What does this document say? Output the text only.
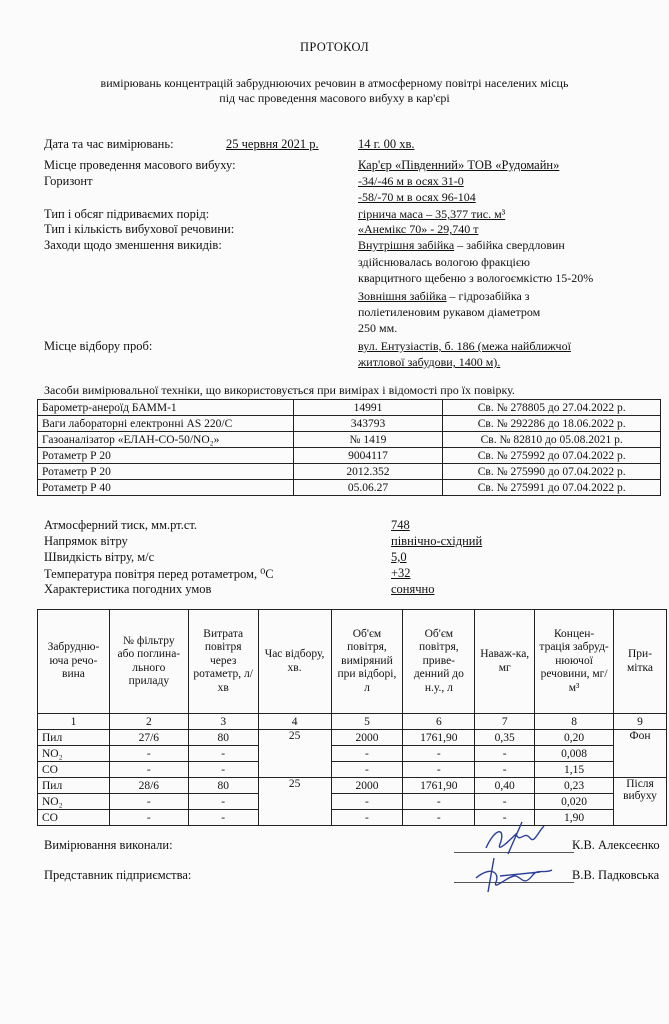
ПРОТОКОЛ
вимірювань концентрацій забруднюючих речовин в атмосферному повітрі населених місць
під час проведення масового вибуху в кар'єрі
Дата та час вимірювань:	25 червня 2021 р.	14 г. 00 хв.
Місце проведення масового вибуху:	Кар'єр «Південний» ТОВ «Рудомайн»
Горизонт	-34/-46 м в осях 31-0
-58/-70 м в осях 96-104
Тип і обсяг підриваємих порід:	гірнича маса – 35,377 тис. м³
Тип і кількість вибухової речовини:	«Анемікс 70» - 29,740 т
Заходи щодо зменшення викидів:	Внутрішня забійка – забійка свердловин
здійснювалась вологою фракцією
кварцитного щебеню з вологоємкістю 15-20%
Зовнішня забійка – гідрозабійка з
поліетиленовим рукавом діаметром
250 мм.
Місце відбору проб:	вул. Ентузіастів, б. 186 (межа найближчої
житлової забудови, 1400 м).
Засоби вимірювальної техніки, що використовується при вимірах і відомості про їх повірку.
Барометр-анероїд БАММ-1	14991	Св. № 278805 до 27.04.2022 р.
Ваги лабораторні електронні AS 220/C	343793	Св. № 292286 до 18.06.2022 р.
Газоаналізатор «ЕЛАН-СО-50/NO₂»	№ 1419	Св. № 82810 до 05.08.2021 р.
Ротаметр Р 20	9004117	Св. № 275992 до 07.04.2022 р.
Ротаметр Р 20	2012.352	Св. № 275990 до 07.04.2022 р.
Ротаметр Р 40	05.06.27	Св. № 275991 до 07.04.2022 р.
Атмосферний тиск, мм.рт.ст.	748
Напрямок вітру	північно-східний
Швидкість вітру, м/с	5,0
Температура повітря перед ротаметром, ⁰С	+32
Характеристика погодних умов	сонячно
Забрудню-юча речо-вина	№ фільтру або поглина-льного приладу	Витрата повітря через ротаметр, л/хв	Час відбору, хв.	Об'єм повітря, виміряний при відборі, л	Об'єм повітря, приве-денний до н.у., л	Наваж-ка, мг	Концен-трація забруд-нюючої речовини, мг/м³	При-мітка
1	2	3	4	5	6	7	8	9
Пил	27/6	80	25	2000	1761,90	0,35	0,20	Фон
NO₂	-	-		-	-	-	0,008	
CO	-	-		-	-	-	1,15	
Пил	28/6	80	25	2000	1761,90	0,40	0,23	Після
вибуху

NO₂	-	-		-	-	-	0,020	
CO	-	-		-	-	-	1,90	
Вимірювання виконали:	К.В. Алексеєнко
Представник підприємства:	В.В. Падковська
